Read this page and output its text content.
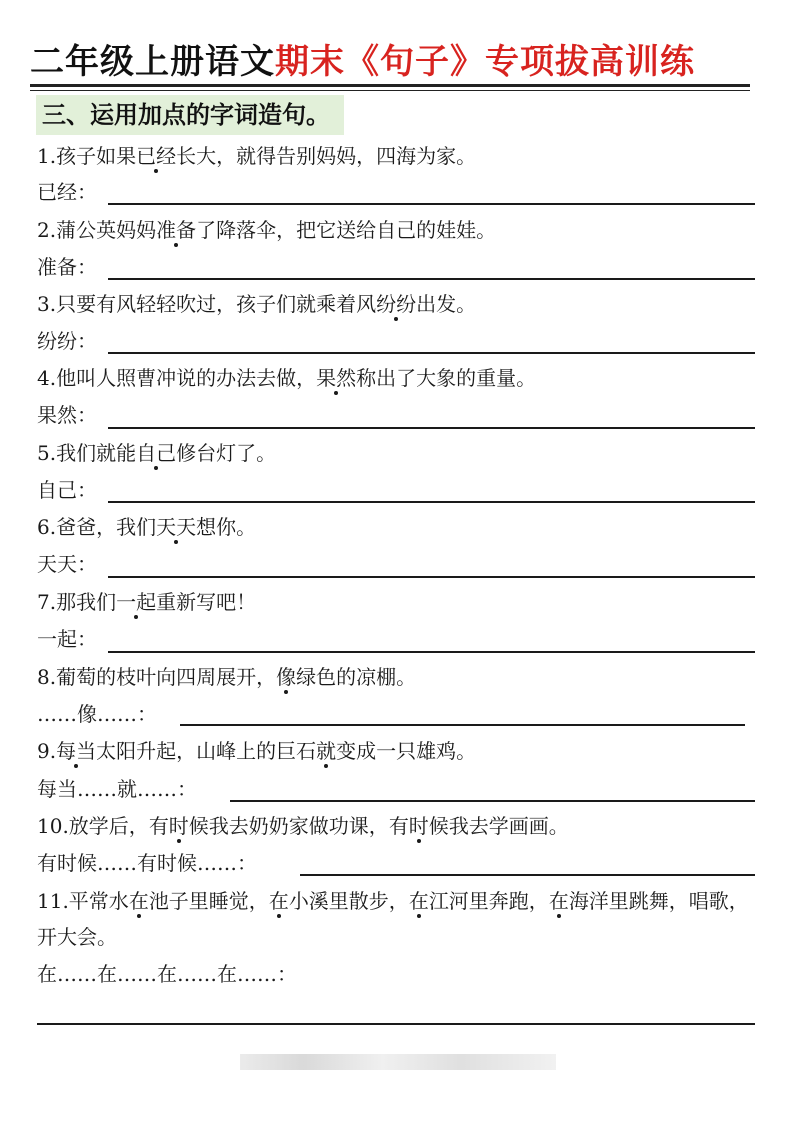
二年级上册语文期末《句子》专项拔高训练
三、运用加点的字词造句。
1.孩子如果已经长大，就得告别妈妈，四海为家。
已经：
2.蒲公英妈妈准备了降落伞，把它送给自己的娃娃。
准备：
3.只要有风轻轻吹过，孩子们就乘着风纷纷出发。
纷纷：
4.他叫人照曹冲说的办法去做，果然称出了大象的重量。
果然：
5.我们就能自己修台灯了。
自己：
6.爸爸，我们天天想你。
天天：
7.那我们一起重新写吧！
一起：
8.葡萄的枝叶向四周展开，像绿色的凉棚。
……像……：
9.每当太阳升起，山峰上的巨石就变成一只雄鸡。
每当……就……：
10.放学后，有时候我去奶奶家做功课，有时候我去学画画。
有时候……有时候……：
11.平常水在池子里睡觉，在小溪里散步，在江河里奔跑，在海洋里跳舞，唱歌，开大会。
在……在……在……在……：
